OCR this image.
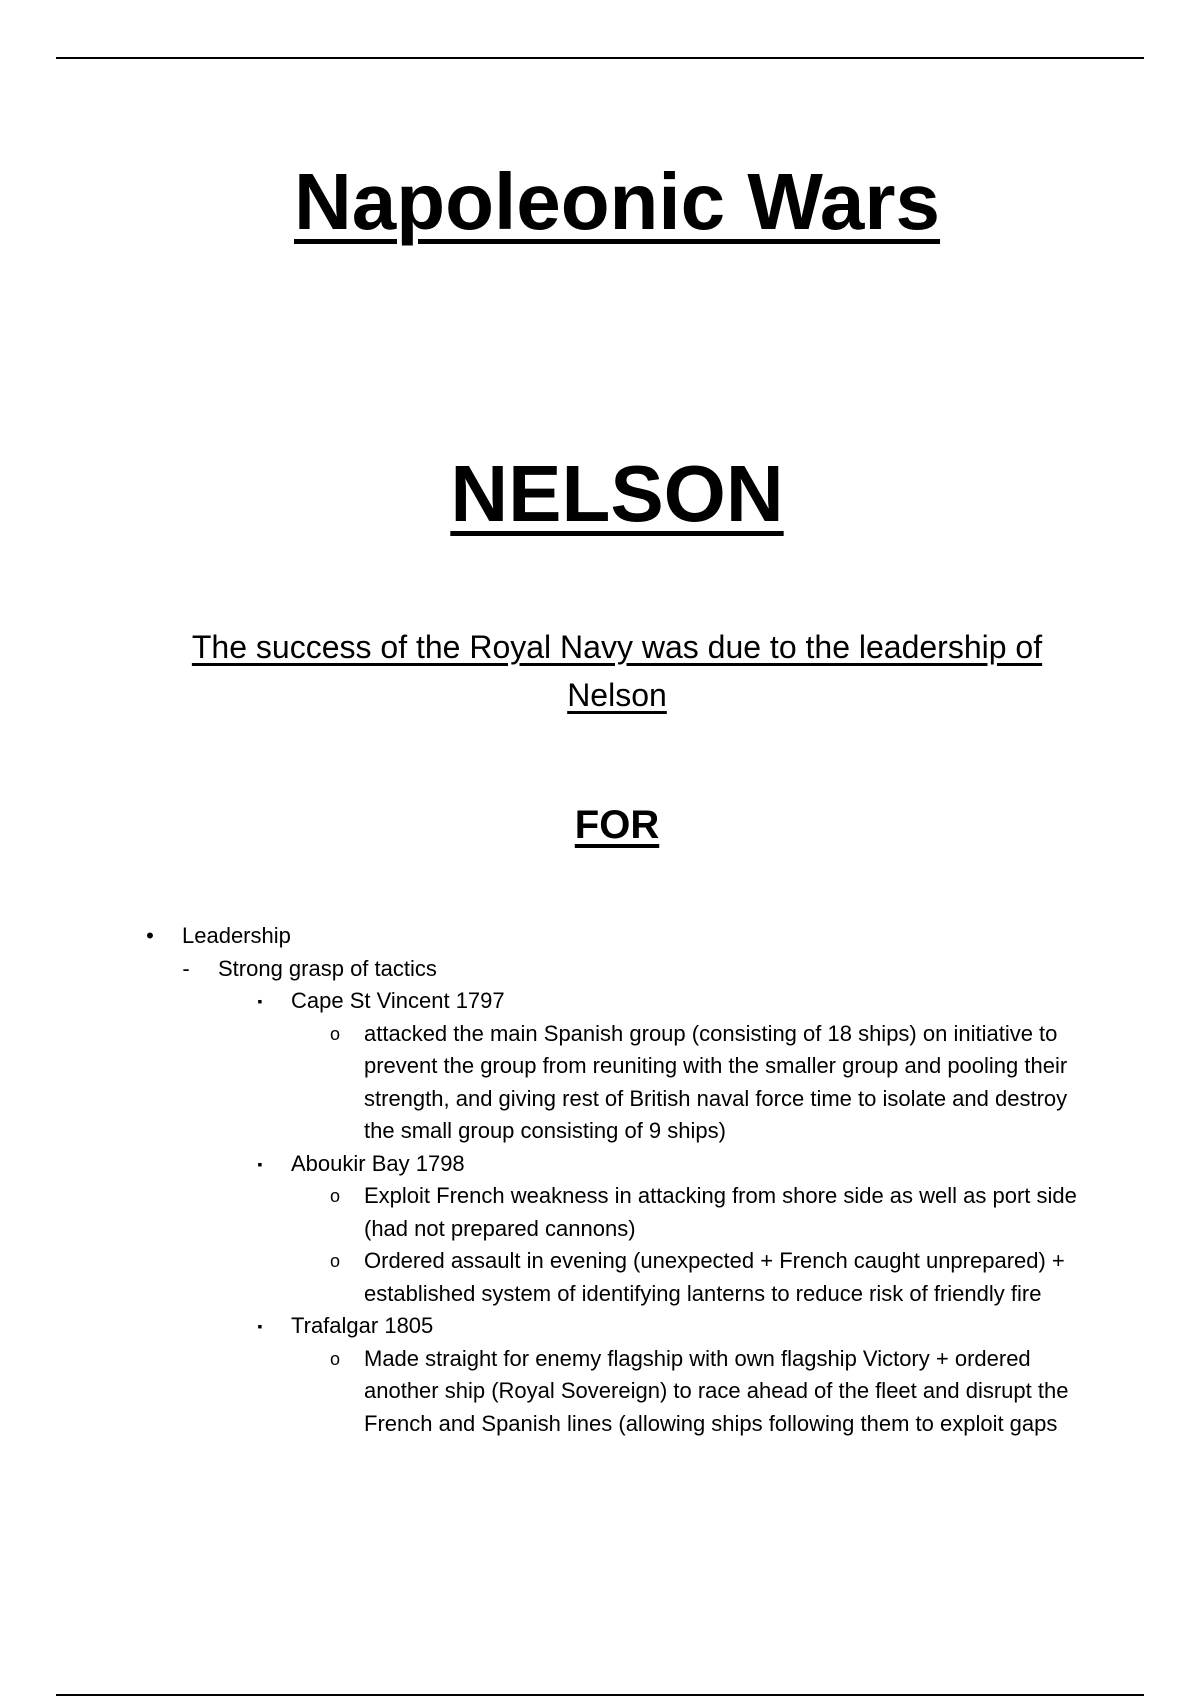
Napoleonic Wars
NELSON

The success of the Royal Navy was due to the leadership of Nelson

FOR
• Leadership
- Strong grasp of tactics
▪	Cape St Vincent 1797
o attacked the main Spanish group (consisting of 18 ships) on initiative to prevent the group from reuniting with the smaller group and pooling their strength, and giving rest of British naval force time to isolate and destroy the small group consisting of 9 ships)
▪	Aboukir Bay 1798
o Exploit French weakness in attacking from shore side as well as port side (had not prepared cannons)
o Ordered assault in evening (unexpected + French caught unprepared) + established system of identifying lanterns to reduce risk of friendly fire
▪	Trafalgar 1805
o Made straight for enemy flagship with own flagship Victory + ordered another ship (Royal Sovereign) to race ahead of the fleet and disrupt the French and Spanish lines (allowing ships following them to exploit gaps
